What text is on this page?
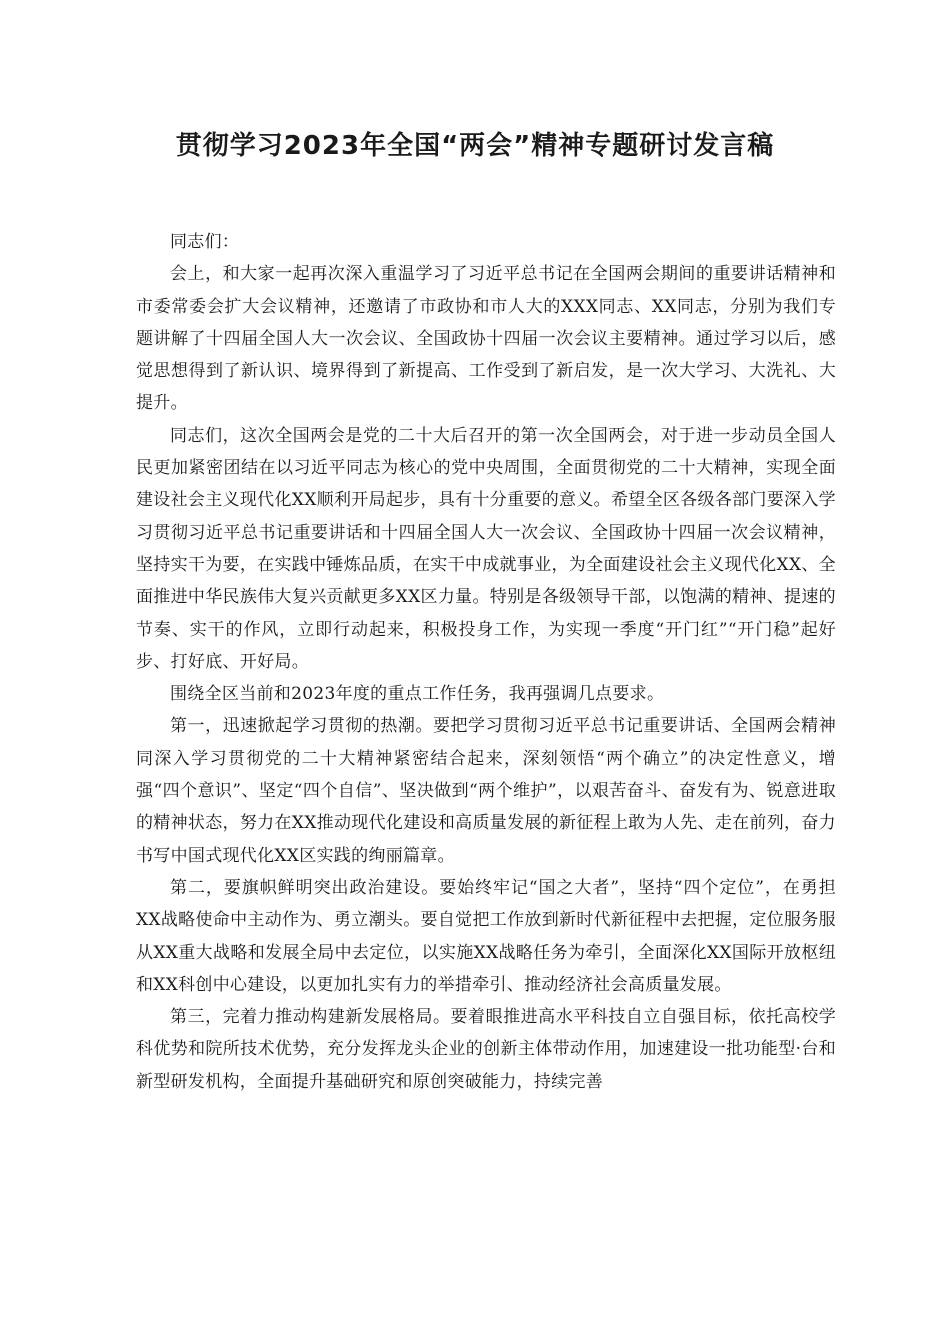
贯彻学习2023年全国“两会”精神专题研讨发言稿

同志们：

会上，和大家一起再次深入重温学习了习近平总书记在全国两会期间的重要讲话精神和市委常委会扩大会议精神，还邀请了市政协和市人大的XXX同志、XX同志，分别为我们专题讲解了十四届全国人大一次会议、全国政协十四届一次会议主要精神。通过学习以后，感觉思想得到了新认识、境界得到了新提高、工作受到了新启发，是一次大学习、大洗礼、大提升。

同志们，这次全国两会是党的二十大后召开的第一次全国两会，对于进一步动员全国人民更加紧密团结在以习近平同志为核心的党中央周围，全面贯彻党的二十大精神，实现全面建设社会主义现代化XX顺利开局起步，具有十分重要的意义。希望全区各级各部门要深入学习贯彻习近平总书记重要讲话和十四届全国人大一次会议、全国政协十四届一次会议精神，坚持实干为要，在实践中锤炼品质，在实干中成就事业，为全面建设社会主义现代化XX、全面推进中华民族伟大复兴贡献更多XX区力量。特别是各级领导干部，以饱满的精神、提速的节奏、实干的作风，立即行动起来，积极投身工作，为实现一季度“开门红”“开门稳”起好步、打好底、开好局。

围绕全区当前和2023年度的重点工作任务，我再强调几点要求。

第一，迅速掀起学习贯彻的热潮。要把学习贯彻习近平总书记重要讲话、全国两会精神同深入学习贯彻党的二十大精神紧密结合起来，深刻领悟“两个确立”的决定性意义，增强“四个意识”、坚定“四个自信”、坚决做到“两个维护”，以艰苦奋斗、奋发有为、锐意进取的精神状态，努力在XX推动现代化建设和高质量发展的新征程上敢为人先、走在前列，奋力书写中国式现代化XX区实践的绚丽篇章。

第二，要旗帜鲜明突出政治建设。要始终牢记“国之大者”，坚持“四个定位”，在勇担XX战略使命中主动作为、勇立潮头。要自觉把工作放到新时代新征程中去把握，定位服务服从XX重大战略和发展全局中去定位，以实施XX战略任务为牵引，全面深化XX国际开放枢纽和XX科创中心建设，以更加扎实有力的举措牵引、推动经济社会高质量发展。

第三，完着力推动构建新发展格局。要着眼推进高水平科技自立自强目标，依托高校学科优势和院所技术优势，充分发挥龙头企业的创新主体带动作用，加速建设一批功能型·台和新型研发机构，全面提升基础研究和原创突破能力，持续完善
